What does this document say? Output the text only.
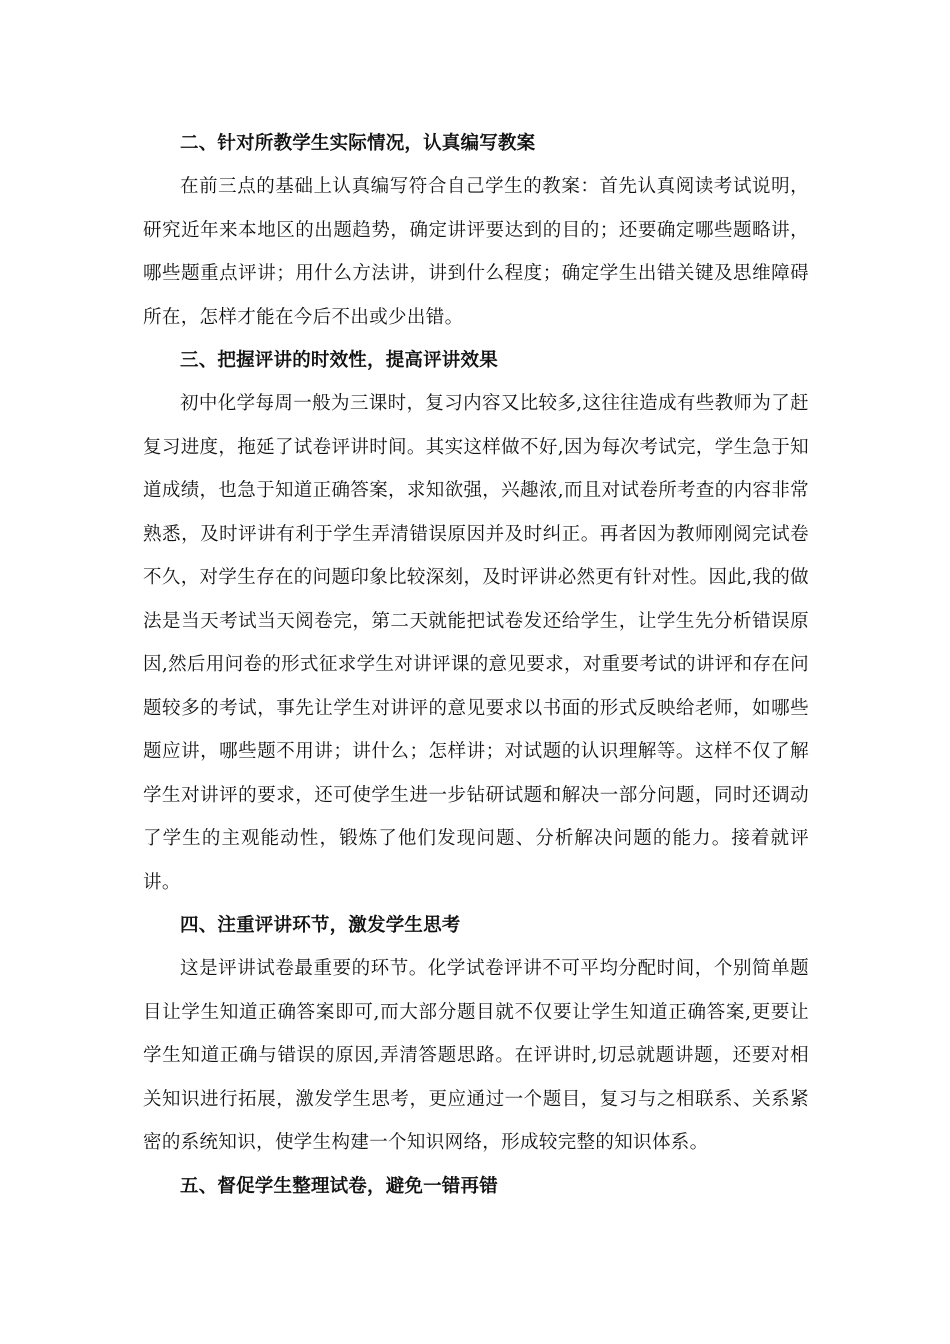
二、针对所教学生实际情况，认真编写教案

在前三点的基础上认真编写符合自己学生的教案：首先认真阅读考试说明，研究近年来本地区的出题趋势，确定讲评要达到的目的；还要确定哪些题略讲，哪些题重点评讲；用什么方法讲，讲到什么程度；确定学生出错关键及思维障碍所在，怎样才能在今后不出或少出错。

三、把握评讲的时效性，提高评讲效果

初中化学每周一般为三课时，复习内容又比较多,这往往造成有些教师为了赶复习进度，拖延了试卷评讲时间。其实这样做不好,因为每次考试完，学生急于知道成绩，也急于知道正确答案，求知欲强，兴趣浓,而且对试卷所考查的内容非常熟悉，及时评讲有利于学生弄清错误原因并及时纠正。再者因为教师刚阅完试卷不久，对学生存在的问题印象比较深刻，及时评讲必然更有针对性。因此,我的做法是当天考试当天阅卷完，第二天就能把试卷发还给学生，让学生先分析错误原因,然后用问卷的形式征求学生对讲评课的意见要求，对重要考试的讲评和存在问题较多的考试，事先让学生对讲评的意见要求以书面的形式反映给老师，如哪些题应讲，哪些题不用讲；讲什么；怎样讲；对试题的认识理解等。这样不仅了解学生对讲评的要求，还可使学生进一步钻研试题和解决一部分问题，同时还调动了学生的主观能动性，锻炼了他们发现问题、分析解决问题的能力。接着就评讲。

四、注重评讲环节，激发学生思考

这是评讲试卷最重要的环节。化学试卷评讲不可平均分配时间，个别简单题目让学生知道正确答案即可,而大部分题目就不仅要让学生知道正确答案,更要让学生知道正确与错误的原因,弄清答题思路。在评讲时,切忌就题讲题，还要对相关知识进行拓展，激发学生思考，更应通过一个题目，复习与之相联系、关系紧密的系统知识，使学生构建一个知识网络，形成较完整的知识体系。

五、督促学生整理试卷，避免一错再错
